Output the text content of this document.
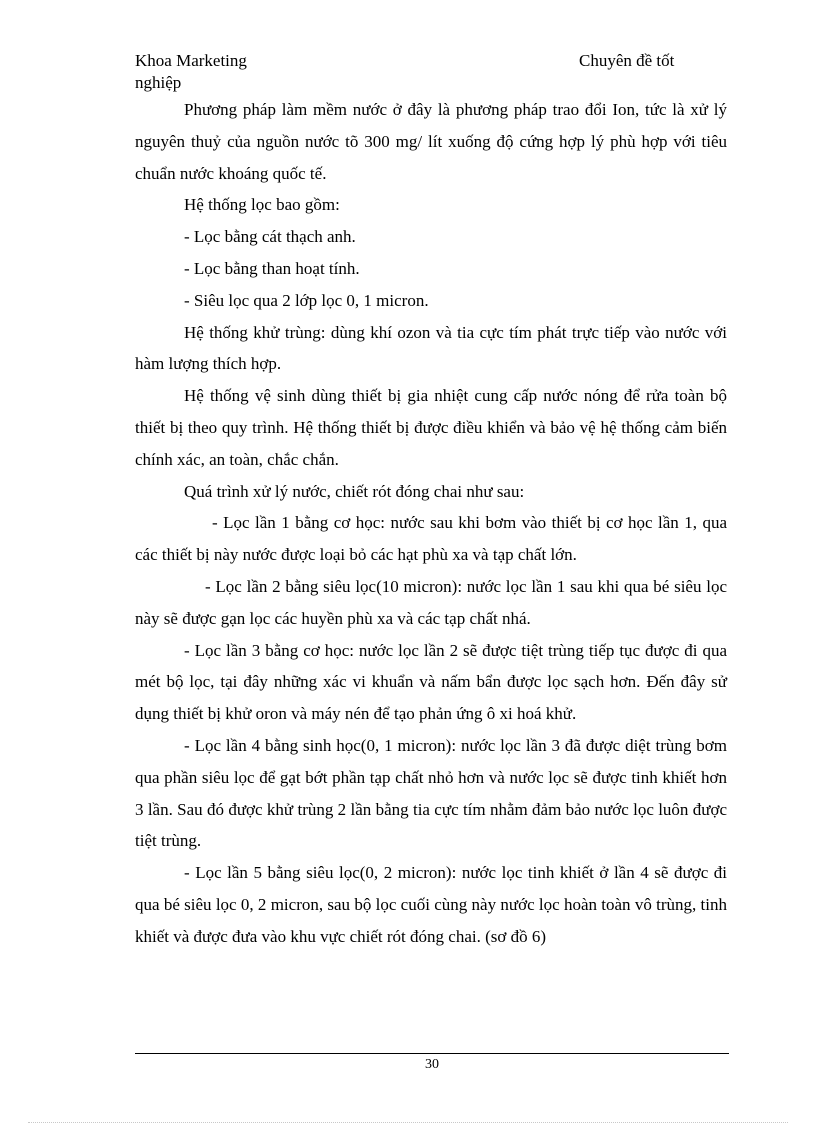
Khoa Marketing	Chuyên đề tốt
nghiệp

Phương pháp làm mềm nước ở đây là phương pháp trao đổi Ion, tức là xử lý nguyên thuỷ của nguồn nước tõ 300 mg/ lít xuống độ cứng hợp lý phù hợp với tiêu chuẩn nước khoáng quốc tế.

Hệ thống lọc bao gồm:

- Lọc bằng cát thạch anh.

- Lọc bằng than hoạt tính.

- Siêu lọc qua 2 lớp lọc 0, 1 micron.

Hệ thống khử trùng: dùng khí ozon và tia cực tím phát trực tiếp vào nước với hàm lượng thích hợp.

Hệ thống vệ sinh dùng thiết bị gia nhiệt cung cấp nước nóng để rửa toàn bộ thiết bị theo quy trình. Hệ thống thiết bị được điều khiển và bảo vệ hệ thống cảm biến chính xác, an toàn, chắc chắn.

Quá trình xử lý nước, chiết rót đóng chai như sau:

- Lọc lần 1 bằng cơ học: nước sau khi bơm vào thiết bị cơ học lần 1, qua các thiết bị này nước được loại bỏ các hạt phù xa và tạp chất lớn.

- Lọc lần 2 bằng siêu lọc(10 micron): nước lọc lần 1 sau khi qua bé siêu lọc này sẽ được gạn lọc các huyền phù xa và các tạp chất nhá.

- Lọc lần 3 bằng cơ học: nước lọc lần 2 sẽ được tiệt trùng tiếp tục được đi qua mét bộ lọc, tại đây những xác vi khuẩn và nấm bẩn được lọc sạch hơn. Đến đây sử dụng thiết bị khử oron và máy nén để tạo phản ứng ô xi hoá khử.

- Lọc lần 4 bằng sinh học(0, 1 micron): nước lọc lần 3 đã được diệt trùng bơm qua phần siêu lọc để gạt bớt phần tạp chất nhỏ hơn và nước lọc sẽ được tinh khiết hơn 3 lần. Sau đó được khử trùng 2 lần bằng tia cực tím nhằm đảm bảo nước lọc luôn được tiệt trùng.

- Lọc lần 5 bằng siêu lọc(0, 2 micron): nước lọc tinh khiết ở lần 4 sẽ được đi qua bé siêu lọc 0, 2 micron, sau bộ lọc cuối cùng này nước lọc hoàn toàn vô trùng, tinh khiết và được đưa vào khu vực chiết rót đóng chai. (sơ đồ 6)

30
